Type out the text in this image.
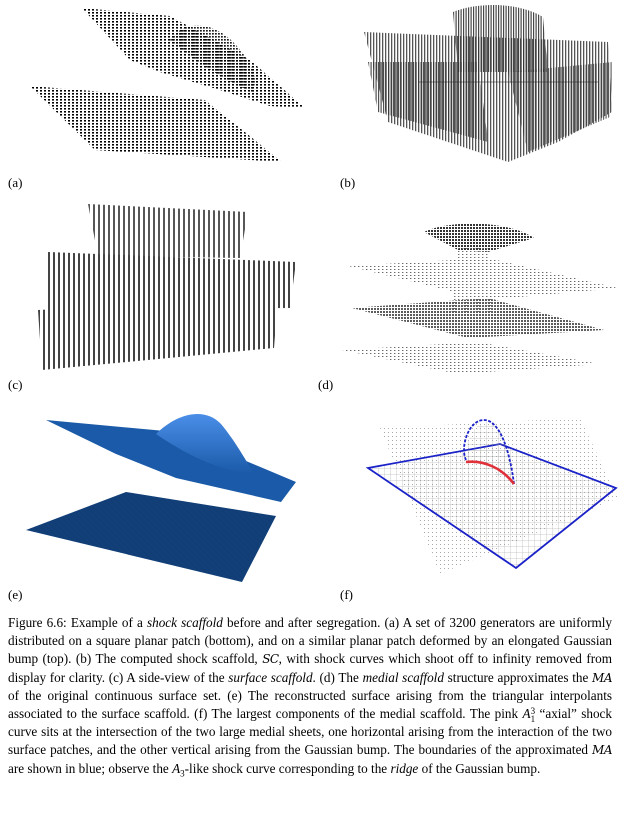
(a)	(b)
(c)	(d)
(e)	(f)
Figure 6.6: Example of a shock scaffold before and after segregation. (a) A set of 3200 generators are uniformly distributed on a square planar patch (bottom), and on a similar planar patch deformed by an elongated Gaussian bump (top). (b) The computed shock scaffold, SC, with shock curves which shoot off to infinity removed from display for clarity. (c) A side-view of the surface scaffold. (d) The medial scaffold structure approximates the MA of the original continuous surface set. (e) The reconstructed surface arising from the triangular interpolants associated to the surface scaffold. (f) The largest components of the medial scaffold. The pink A 3
1 “axial” shock curve sits at the intersection of the two large medial sheets, one horizontal arising from the interaction of the two surface patches, and the other vertical arising from the Gaussian bump. The boundaries of the approximated MA are shown in blue; observe the $A_3$-like shock curve corresponding to the ridge of the Gaussian bump.
